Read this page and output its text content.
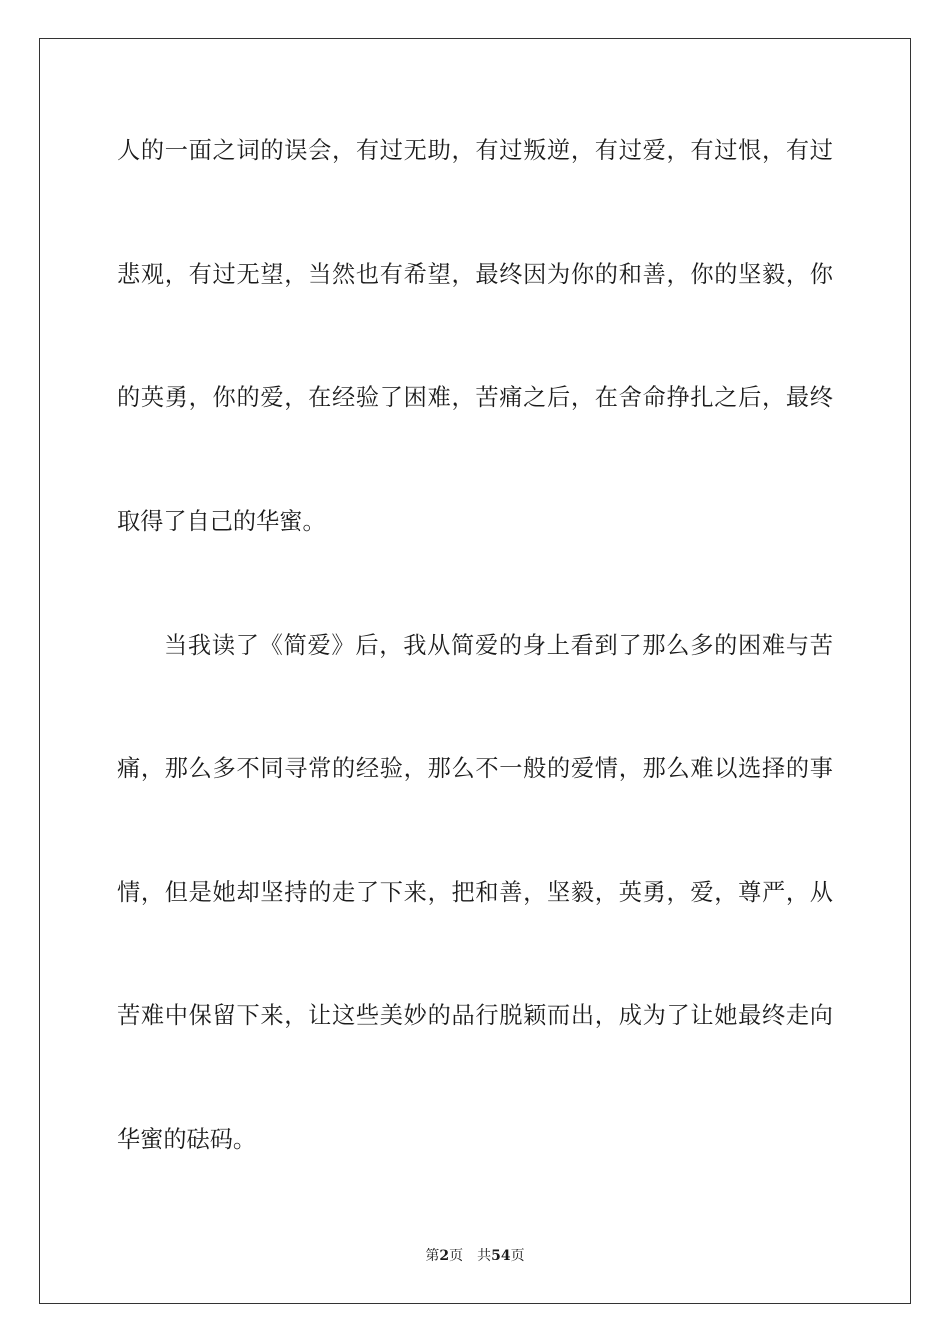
人的一面之词的误会，有过无助，有过叛逆，有过爱，有过恨，有过
悲观，有过无望，当然也有希望，最终因为你的和善，你的坚毅，你
的英勇，你的爱，在经验了困难，苦痛之后，在舍命挣扎之后，最终
取得了自己的华蜜。
当我读了《简爱》后，我从简爱的身上看到了那么多的困难与苦
痛，那么多不同寻常的经验，那么不一般的爱情，那么难以选择的事
情，但是她却坚持的走了下来，把和善，坚毅，英勇，爱，尊严，从
苦难中保留下来，让这些美妙的品行脱颖而出，成为了让她最终走向
华蜜的砝码。
第2页 共54页
